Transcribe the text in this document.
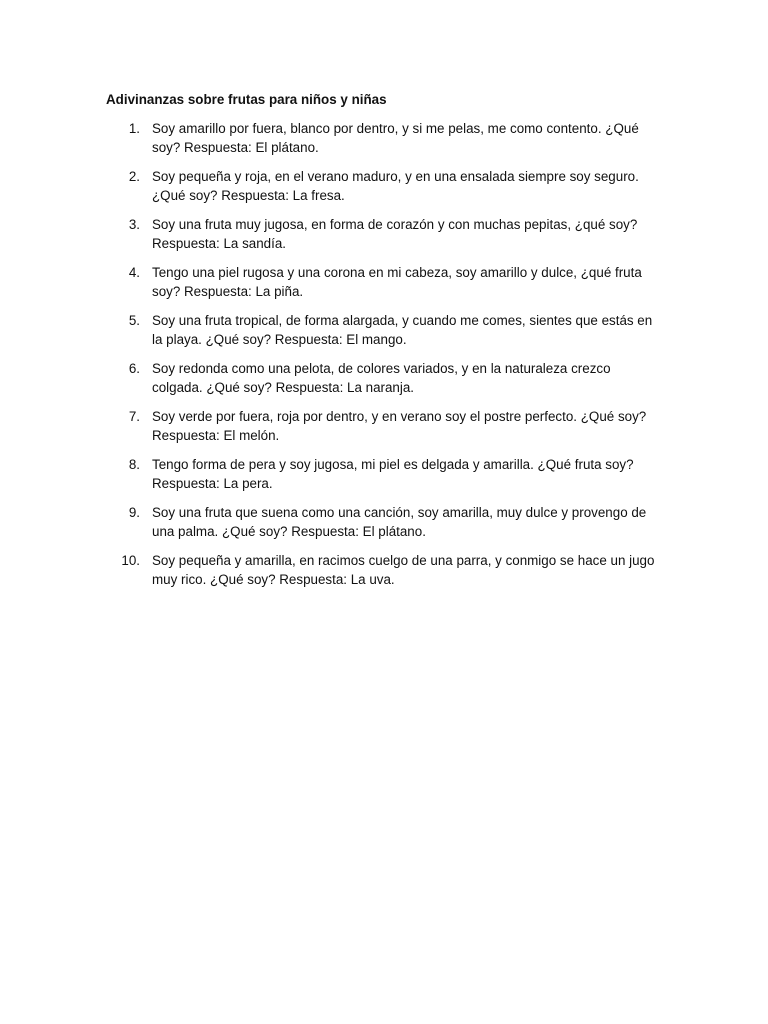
Adivinanzas sobre frutas para niños y niñas
1. Soy amarillo por fuera, blanco por dentro, y si me pelas, me como contento. ¿Qué soy? Respuesta: El plátano.
2. Soy pequeña y roja, en el verano maduro, y en una ensalada siempre soy seguro. ¿Qué soy? Respuesta: La fresa.
3. Soy una fruta muy jugosa, en forma de corazón y con muchas pepitas, ¿qué soy? Respuesta: La sandía.
4. Tengo una piel rugosa y una corona en mi cabeza, soy amarillo y dulce, ¿qué fruta soy? Respuesta: La piña.
5. Soy una fruta tropical, de forma alargada, y cuando me comes, sientes que estás en la playa. ¿Qué soy? Respuesta: El mango.
6. Soy redonda como una pelota, de colores variados, y en la naturaleza crezco colgada. ¿Qué soy? Respuesta: La naranja.
7. Soy verde por fuera, roja por dentro, y en verano soy el postre perfecto. ¿Qué soy? Respuesta: El melón.
8. Tengo forma de pera y soy jugosa, mi piel es delgada y amarilla. ¿Qué fruta soy? Respuesta: La pera.
9. Soy una fruta que suena como una canción, soy amarilla, muy dulce y provengo de una palma. ¿Qué soy? Respuesta: El plátano.
10. Soy pequeña y amarilla, en racimos cuelgo de una parra, y conmigo se hace un jugo muy rico. ¿Qué soy? Respuesta: La uva.
